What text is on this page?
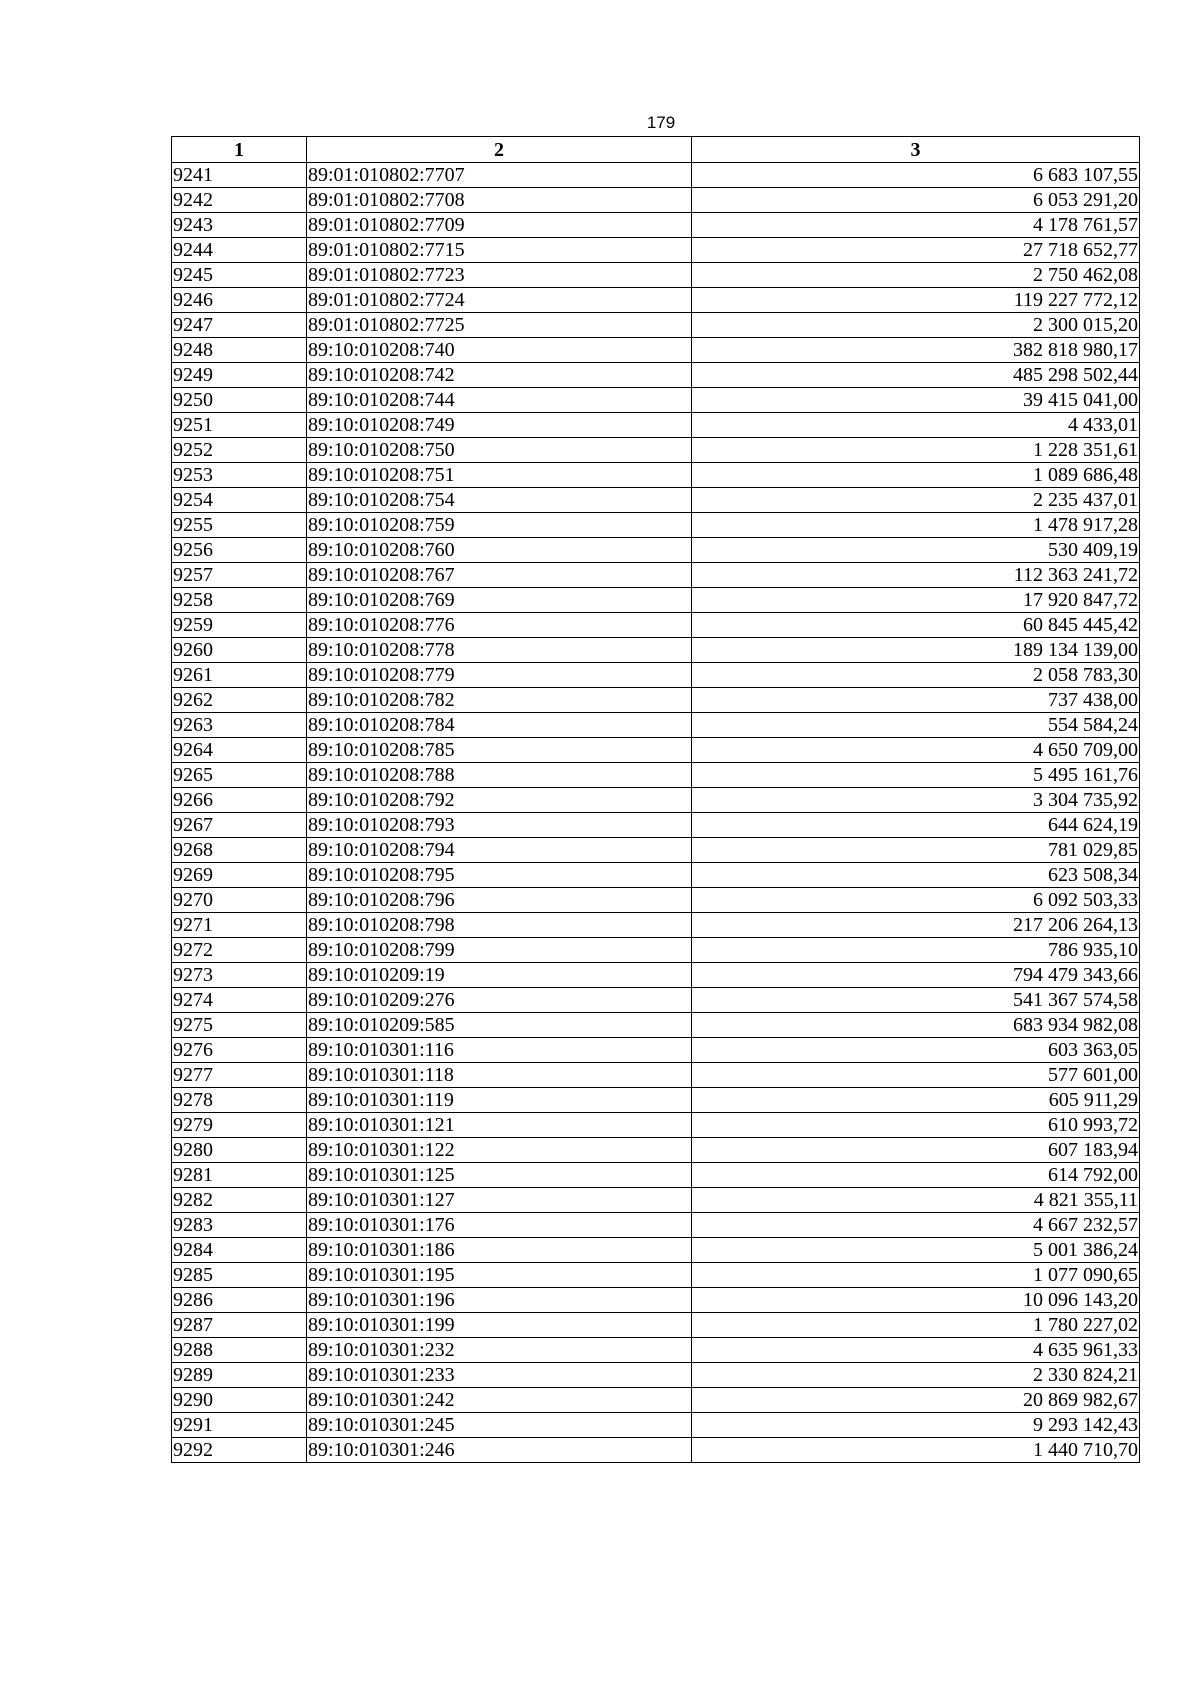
179
1	2	3
9241	89:01:010802:7707	6 683 107,55
9242	89:01:010802:7708	6 053 291,20
9243	89:01:010802:7709	4 178 761,57
9244	89:01:010802:7715	27 718 652,77
9245	89:01:010802:7723	2 750 462,08
9246	89:01:010802:7724	119 227 772,12
9247	89:01:010802:7725	2 300 015,20
9248	89:10:010208:740	382 818 980,17
9249	89:10:010208:742	485 298 502,44
9250	89:10:010208:744	39 415 041,00
9251	89:10:010208:749	4 433,01
9252	89:10:010208:750	1 228 351,61
9253	89:10:010208:751	1 089 686,48
9254	89:10:010208:754	2 235 437,01
9255	89:10:010208:759	1 478 917,28
9256	89:10:010208:760	530 409,19
9257	89:10:010208:767	112 363 241,72
9258	89:10:010208:769	17 920 847,72
9259	89:10:010208:776	60 845 445,42
9260	89:10:010208:778	189 134 139,00
9261	89:10:010208:779	2 058 783,30
9262	89:10:010208:782	737 438,00
9263	89:10:010208:784	554 584,24
9264	89:10:010208:785	4 650 709,00
9265	89:10:010208:788	5 495 161,76
9266	89:10:010208:792	3 304 735,92
9267	89:10:010208:793	644 624,19
9268	89:10:010208:794	781 029,85
9269	89:10:010208:795	623 508,34
9270	89:10:010208:796	6 092 503,33
9271	89:10:010208:798	217 206 264,13
9272	89:10:010208:799	786 935,10
9273	89:10:010209:19	794 479 343,66
9274	89:10:010209:276	541 367 574,58
9275	89:10:010209:585	683 934 982,08
9276	89:10:010301:116	603 363,05
9277	89:10:010301:118	577 601,00
9278	89:10:010301:119	605 911,29
9279	89:10:010301:121	610 993,72
9280	89:10:010301:122	607 183,94
9281	89:10:010301:125	614 792,00
9282	89:10:010301:127	4 821 355,11
9283	89:10:010301:176	4 667 232,57
9284	89:10:010301:186	5 001 386,24
9285	89:10:010301:195	1 077 090,65
9286	89:10:010301:196	10 096 143,20
9287	89:10:010301:199	1 780 227,02
9288	89:10:010301:232	4 635 961,33
9289	89:10:010301:233	2 330 824,21
9290	89:10:010301:242	20 869 982,67
9291	89:10:010301:245	9 293 142,43
9292	89:10:010301:246	1 440 710,70
